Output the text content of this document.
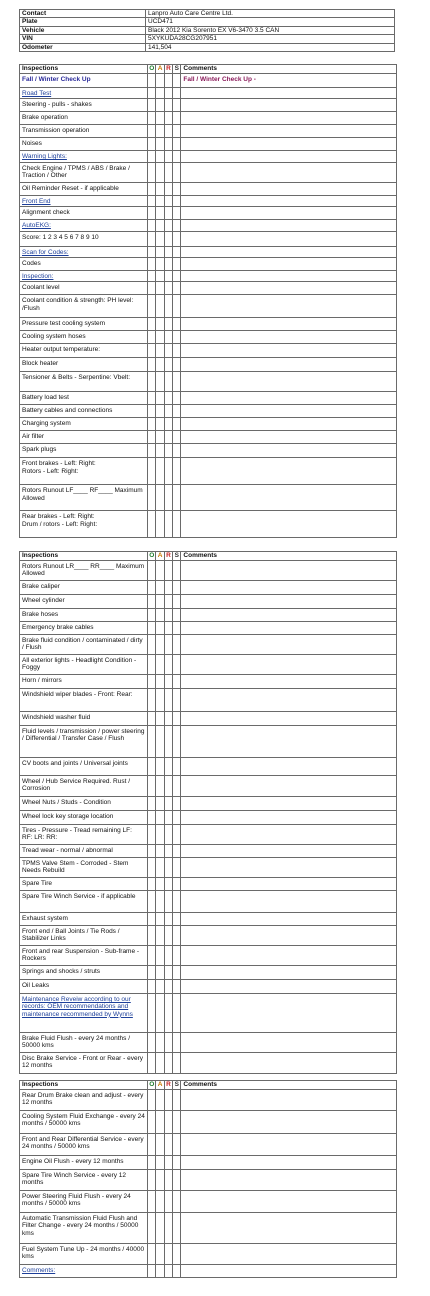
Contact	Lanpro Auto Care Centre Ltd.
Plate	UCD471
Vehicle	Black 2012 Kia Sorento EX V6-3470 3.5 CAN
VIN	5XYKUDA28CG207951
Odometer	141,504
Inspections	O	A	R	S	Comments
Fall / Winter Check Up					Fall / Winter Check Up -
Road Test					
Steering - pulls - shakes					
Brake operation					
Transmission operation					
Noises					
Warning Lights:					
Check Engine / TPMS / ABS / Brake / Traction / Other					
Oil Reminder Reset - if applicable					
Front End					
Alignment check					
AutoEKG:					
Score: 1 2 3 4 5 6 7 8 9 10					
Scan for Codes:					
Codes					
Inspection:					
Coolant level					
Coolant condition & strength: PH level: /Flush					
Pressure test cooling system					
Cooling system hoses					
Heater output temperature:					
Block heater					
Tensioner & Belts - Serpentine: Vbelt:					
Battery load test					
Battery cables and connections					
Charging system					
Air filter					
Spark plugs					
Front brakes - Left: Right:
Rotors - Left: Right:					
Rotors Runout LF____ RF____ Maximum Allowed					
Rear brakes - Left: Right:
Drum / rotors - Left: Right:					
Inspections	O	A	R	S	Comments
Rotors Runout LR____ RR____ Maximum Allowed					
Brake caliper					
Wheel cylinder					
Brake hoses					
Emergency brake cables					
Brake fluid condition / contaminated / dirty / Flush					
All exterior lights - Headlight Condition - Foggy					
Horn / mirrors					
Windshield wiper blades - Front: Rear:					
Windshield washer fluid					
Fluid levels / transmission / power steering / Differential / Transfer Case / Flush					
CV boots and joints / Universal joints					
Wheel / Hub Service Required. Rust / Corrosion					
Wheel Nuts / Studs - Condition					
Wheel lock key storage location					
Tires - Pressure - Tread remaining LF:
RF: LR: RR:					
Tread wear - normal / abnormal					
TPMS Valve Stem - Corroded - Stem Needs Rebuild					
Spare Tire					
Spare Tire Winch Service - if applicable					
Exhaust system					
Front end / Ball Joints / Tie Rods / Stabilizer Links					
Front and rear Suspension - Sub-frame - Rockers					
Springs and shocks / struts					
Oil Leaks					
Maintenance Reveiw according to our records: OEM recommendations and maintenance recommended by Wynns					
Brake Fluid Flush - every 24 months / 50000 kms					
Disc Brake Service - Front or Rear - every 12 months					
Inspections	O	A	R	S	Comments
Rear Drum Brake clean and adjust - every 12 months					
Cooling System Fluid Exchange - every 24 months / 50000 kms					
Front and Rear Differential Service - every 24 months / 50000 kms					
Engine Oil Flush - every 12 months					
Spare Tire Winch Service - every 12 months					
Power Steering Fluid Flush - every 24 months / 50000 kms					
Automatic Transmission Fluid Flush and Filter Change - every 24 months / 50000 kms					
Fuel System Tune Up - 24 months / 40000 kms					
Comments:					
